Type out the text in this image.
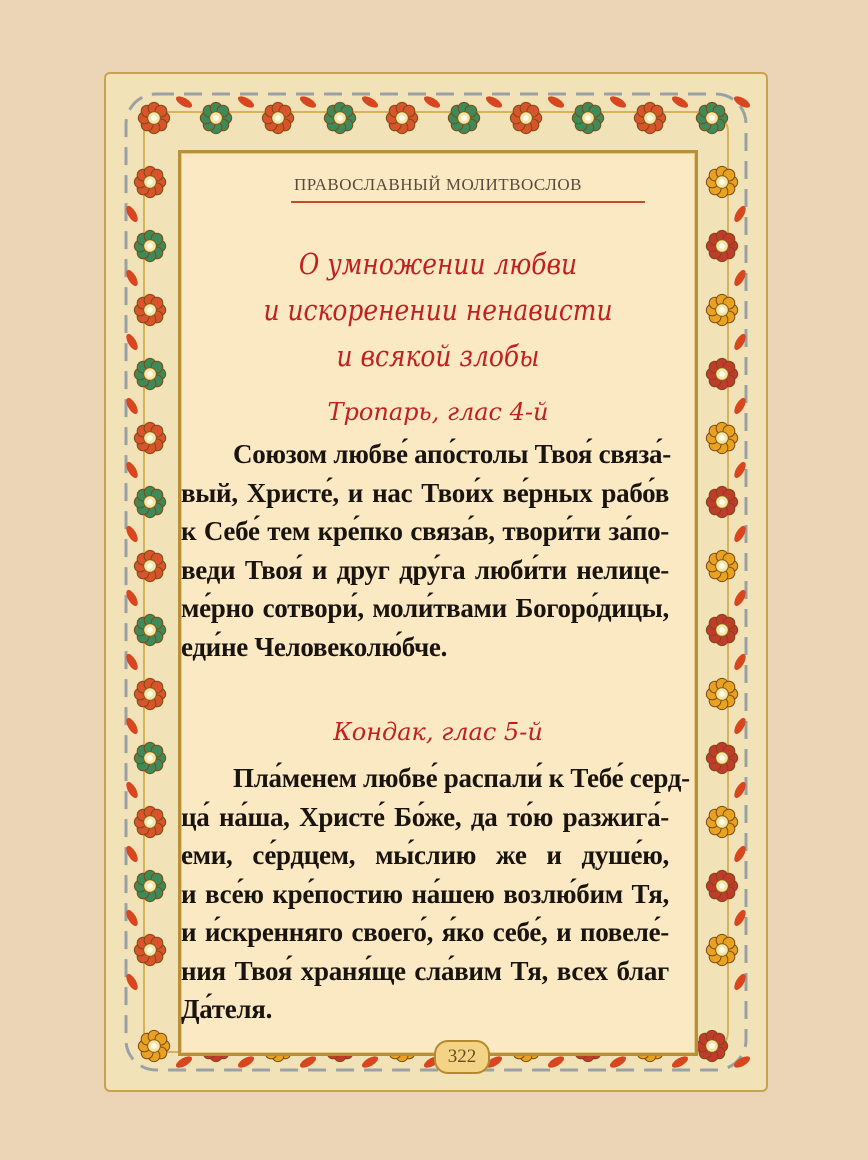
ПРАВОСЛАВНЫЙ МОЛИТВОСЛОВ
О умножении любви
и искоренении ненависти
и всякой злобы
Тропарь, глас 4-й
Союзом любве́ апо́столы Твоя́ связа́-
вый, Христе́, и нас Твои́х ве́рных рабо́в
к Себе́ тем кре́пко связа́в, твори́ти за́по-
веди Твоя́ и друг дру́га люби́ти нелице-
ме́рно сотвори́, моли́твами Богоро́дицы,
еди́не Человеколю́бче.
Кондак, глас 5-й
Пла́менем любве́ распали́ к Тебе́ серд-
ца́ на́ша, Христе́ Бо́же, да то́ю разжига́-
еми, се́рдцем, мы́слию же и душе́ю,
и все́ю кре́постию на́шею возлю́бим Тя,
и и́скренняго своего́, я́ко себе́, и повеле́-
ния Твоя́ храня́ще сла́вим Тя, всех благ
Да́теля.
322
